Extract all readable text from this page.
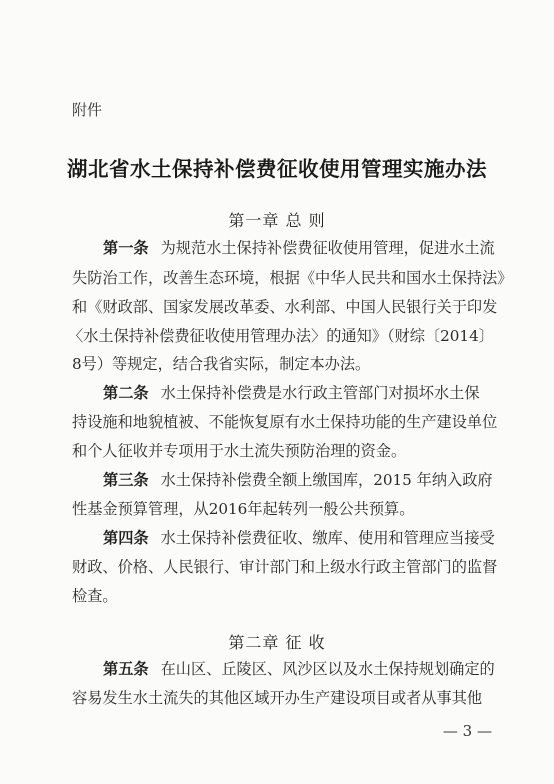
附件
湖北省水土保持补偿费征收使用管理实施办法
第一章 总 则
第一条 为规范水土保持补偿费征收使用管理，促进水土流
失防治工作，改善生态环境，根据《中华人民共和国水土保持法》
和《财政部、国家发展改革委、水利部、中国人民银行关于印发
〈水土保持补偿费征收使用管理办法〉的通知》（财综〔2014〕
8号）等规定，结合我省实际，制定本办法。
第二条 水土保持补偿费是水行政主管部门对损坏水土保
持设施和地貌植被、不能恢复原有水土保持功能的生产建设单位
和个人征收并专项用于水土流失预防治理的资金。
第三条 水土保持补偿费全额上缴国库，2015 年纳入政府
性基金预算管理，从2016年起转列一般公共预算。
第四条 水土保持补偿费征收、缴库、使用和管理应当接受
财政、价格、人民银行、审计部门和上级水行政主管部门的监督
检查。
第二章 征 收
第五条 在山区、丘陵区、风沙区以及水土保持规划确定的
容易发生水土流失的其他区域开办生产建设项目或者从事其他
— 3 —
